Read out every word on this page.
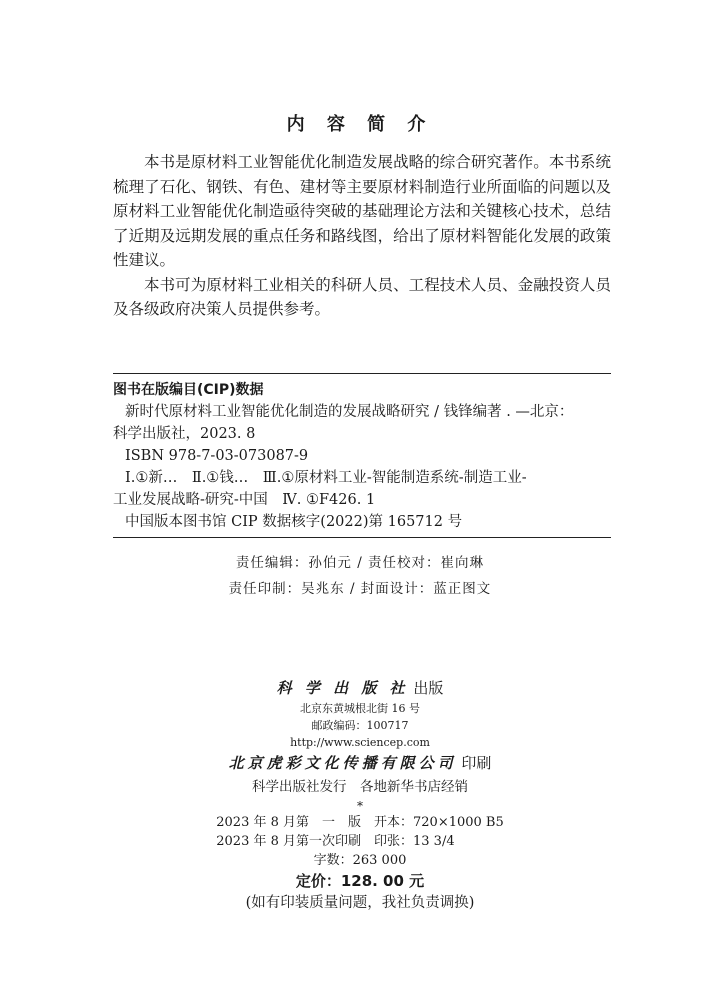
内 容 简 介

本书是原材料工业智能优化制造发展战略的综合研究著作。本书系统梳理了石化、钢铁、有色、建材等主要原材料制造行业所面临的问题以及原材料工业智能优化制造亟待突破的基础理论方法和关键核心技术，总结了近期及远期发展的重点任务和路线图，给出了原材料智能化发展的政策性建议。

本书可为原材料工业相关的科研人员、工程技术人员、金融投资人员及各级政府决策人员提供参考。

图书在版编目(CIP)数据
新时代原材料工业智能优化制造的发展战略研究 / 钱锋编著 . —北京：
科学出版社，2023. 8
ISBN 978-7-03-073087-9
Ⅰ.①新…　Ⅱ.①钱…　Ⅲ.①原材料工业-智能制造系统-制造工业-
工业发展战略-研究-中国　Ⅳ. ①F426. 1
中国版本图书馆 CIP 数据核字(2022)第 165712 号
责任编辑：孙伯元 / 责任校对：崔向琳
责任印制：吴兆东 / 封面设计：蓝正图文
科 学 出 版 社 出版
北京东黄城根北街 16 号
邮政编码：100717
http://www.sciencep.com
北京虎彩文化传播有限公司 印刷
科学出版社发行　各地新华书店经销
*
2023 年 8 月第　一　版　开本：720×1000 B5
2023 年 8 月第一次印刷　印张：13 3/4
字数：263 000
定价：128. 00 元
(如有印装质量问题，我社负责调换)
